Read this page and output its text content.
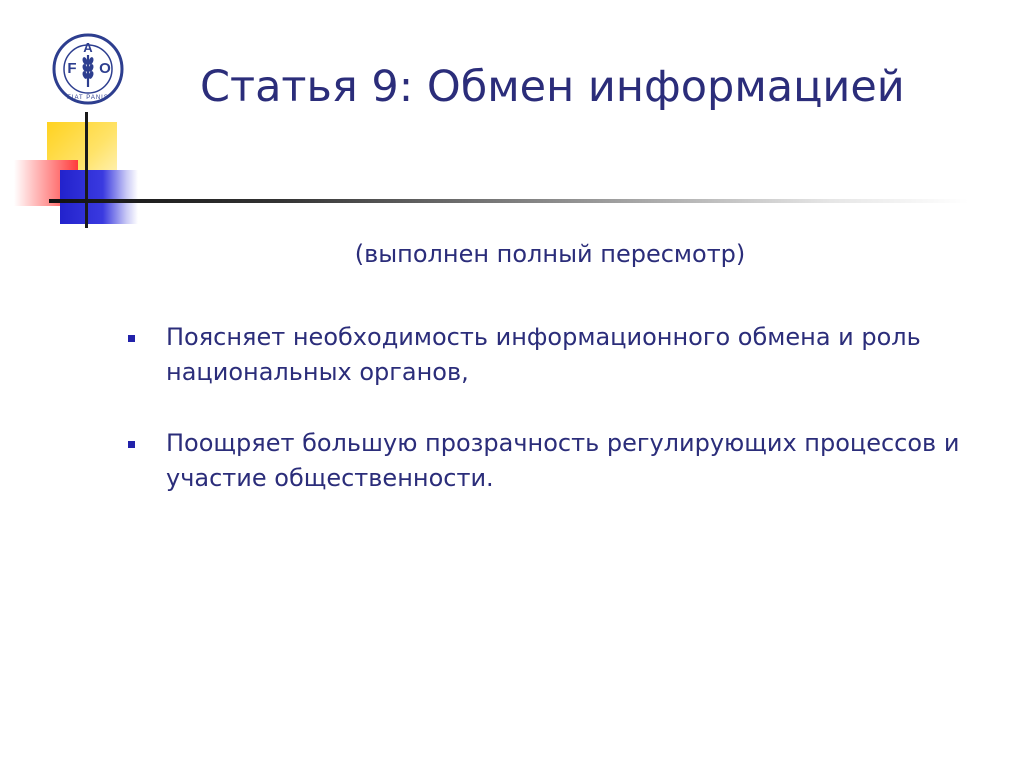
F
A
O
FIAT PANIS Статья 9: Обмен информацией
(выполнен полный пересмотр)
Поясняет необходимость информационного обмена и роль национальных органов,
Поощряет большую прозрачность регулирующих процессов и участие общественности.
